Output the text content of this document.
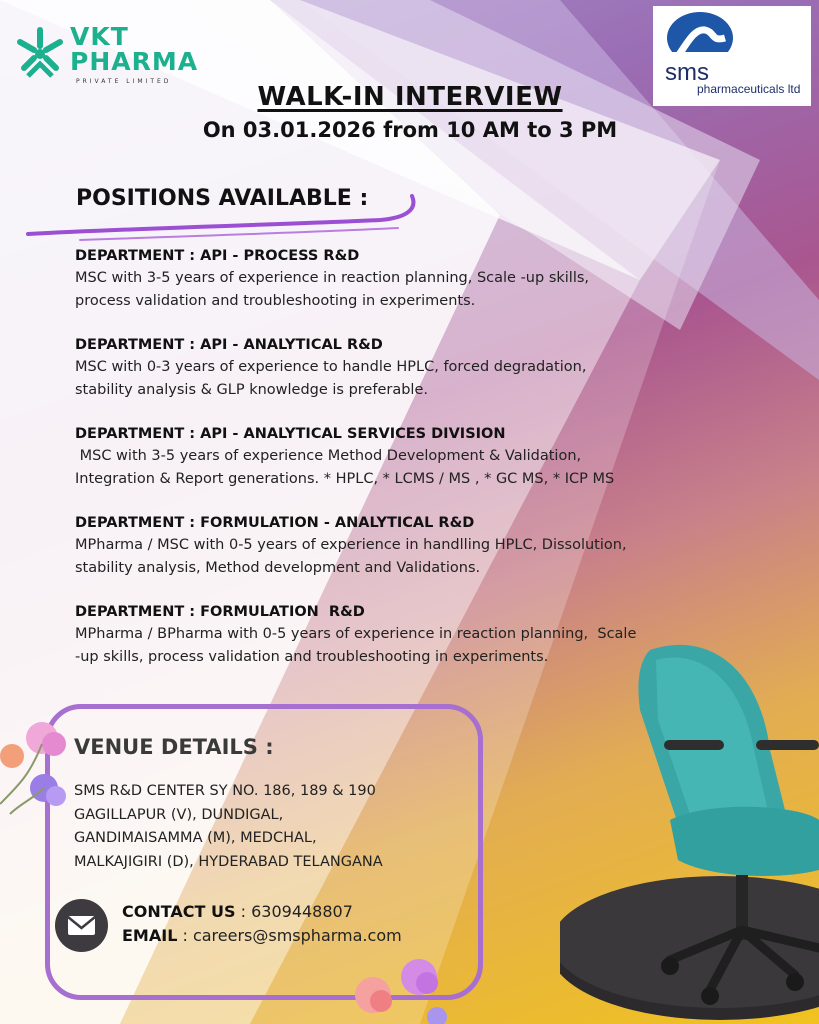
VKT
PHARMA
PRIVATE LIMITED	sms
pharmaceuticals ltd
WALK-IN INTERVIEW
On 03.01.2026 from 10 AM to 3 PM
POSITIONS AVAILABLE :
DEPARTMENT : API - PROCESS R&D
MSC with 3-5 years of experience in reaction planning, Scale -up skills,
process validation and troubleshooting in experiments.
DEPARTMENT : API - ANALYTICAL R&D
MSC with 0-3 years of experience to handle HPLC, forced degradation,
stability analysis & GLP knowledge is preferable.
DEPARTMENT : API - ANALYTICAL SERVICES DIVISION
MSC with 3-5 years of experience Method Development & Validation,
Integration & Report generations. * HPLC, * LCMS / MS , * GC MS, * ICP MS
DEPARTMENT : FORMULATION - ANALYTICAL R&D
MPharma / MSC with 0-5 years of experience in handlling HPLC, Dissolution,
stability analysis, Method development and Validations.
DEPARTMENT : FORMULATION  R&D
MPharma / BPharma with 0-5 years of experience in reaction planning,  Scale
-up skills, process validation and troubleshooting in experiments.
VENUE DETAILS :
SMS R&D CENTER SY NO. 186, 189 & 190
GAGILLAPUR (V), DUNDIGAL,
GANDIMAISAMMA (M), MEDCHAL,
MALKAJIGIRI (D), HYDERABAD TELANGANA
CONTACT US : 6309448807
EMAIL : careers@smspharma.com
